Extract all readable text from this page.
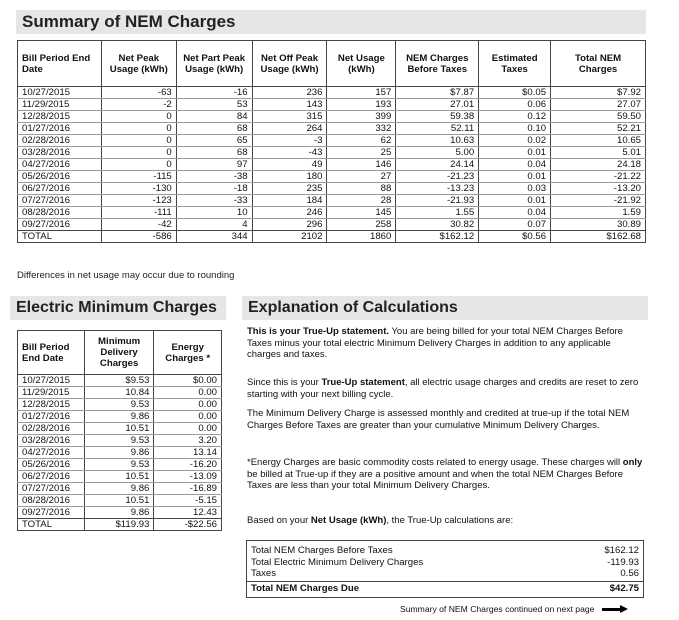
Summary of NEM Charges
Bill Period End Date	Net Peak Usage (kWh)	Net Part Peak Usage (kWh)	Net Off Peak Usage (kWh)	Net Usage (kWh)	NEM Charges Before Taxes	Estimated Taxes	Total NEM Charges
10/27/2015	-63	-16	236	157	$7.87	$0.05	$7.92
11/29/2015	-2	53	143	193	27.01	0.06	27.07
12/28/2015	0	84	315	399	59.38	0.12	59.50
01/27/2016	0	68	264	332	52.11	0.10	52.21
02/28/2016	0	65	-3	62	10.63	0.02	10.65
03/28/2016	0	68	-43	25	5.00	0.01	5.01
04/27/2016	0	97	49	146	24.14	0.04	24.18
05/26/2016	-115	-38	180	27	-21.23	0.01	-21.22
06/27/2016	-130	-18	235	88	-13.23	0.03	-13.20
07/27/2016	-123	-33	184	28	-21.93	0.01	-21.92
08/28/2016	-111	10	246	145	1.55	0.04	1.59
09/27/2016	-42	4	296	258	30.82	0.07	30.89
TOTAL	-586	344	2102	1860	$162.12	$0.56	$162.68
Differences in net usage may occur due to rounding
Electric Minimum Charges
Bill Period End Date	Minimum Delivery Charges	Energy Charges *
10/27/2015	$9.53	$0.00
11/29/2015	10.84	0.00
12/28/2015	9.53	0.00
01/27/2016	9.86	0.00
02/28/2016	10.51	0.00
03/28/2016	9.53	3.20
04/27/2016	9.86	13.14
05/26/2016	9.53	-16.20
06/27/2016	10.51	-13.09
07/27/2016	9.86	-16.89
08/28/2016	10.51	-5.15
09/27/2016	9.86	12.43
TOTAL	$119.93	-$22.56
Explanation of Calculations
This is your True-Up statement. You are being billed for your total NEM Charges Before Taxes minus your total electric Minimum Delivery Charges in addition to any applicable charges and taxes.
Since this is your True-Up statement, all electric usage charges and credits are reset to zero starting with your next billing cycle.
The Minimum Delivery Charge is assessed monthly and credited at true-up if the total NEM Charges Before Taxes are greater than your cumulative Minimum Delivery Charges.
*Energy Charges are basic commodity costs related to energy usage. These charges will only be billed at True-up if they are a positive amount and when the total NEM Charges Before Taxes are less than your total Minimum Delivery Charges.
Based on your Net Usage (kWh), the True-Up calculations are:
Total NEM Charges Before Taxes	$162.12
Total Electric Minimum Delivery Charges	-119.93
Taxes	0.56
Total NEM Charges Due	$42.75
Summary of NEM Charges continued on next page
